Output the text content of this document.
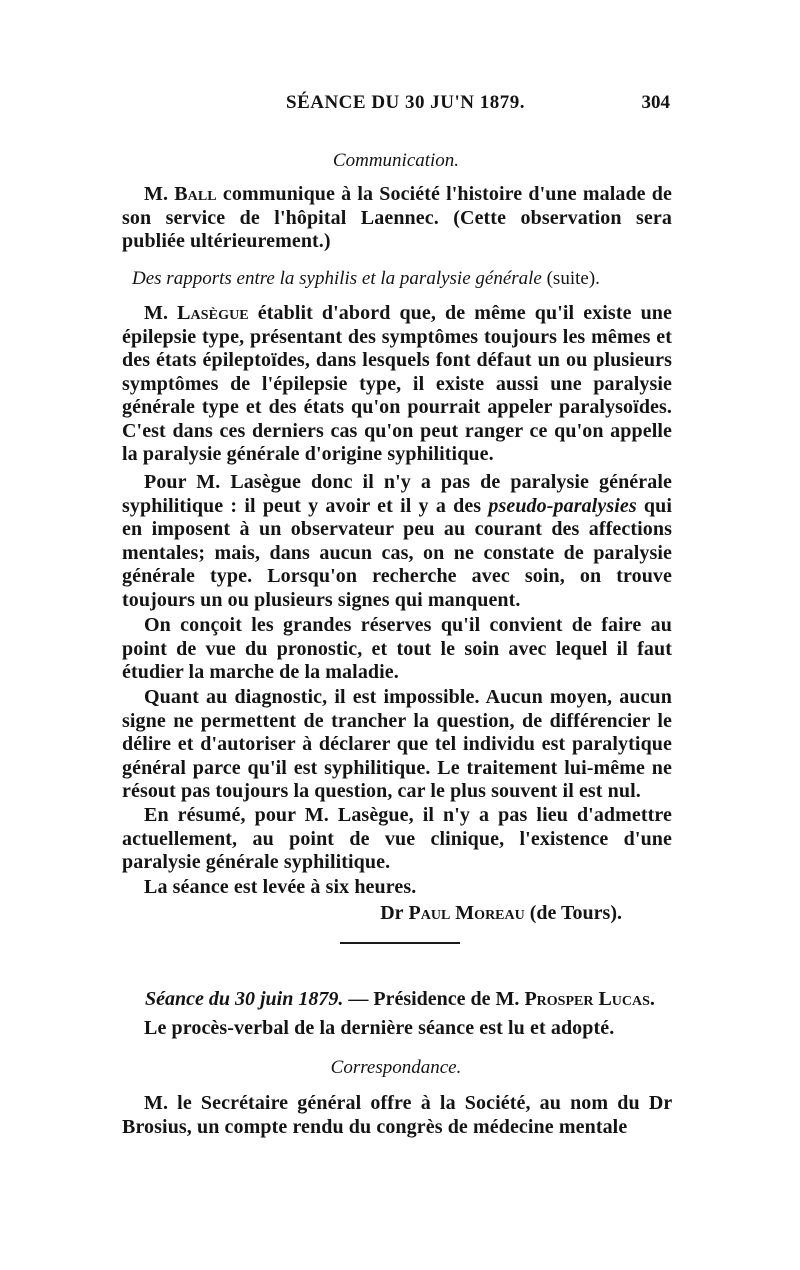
SÉANCE DU 30 JU'N 1879.	304
Communication.
M. Ball communique à la Société l'histoire d'une malade de son service de l'hôpital Laennec. (Cette observation sera publiée ultérieurement.)
Des rapports entre la syphilis et la paralysie générale (suite).
M. Lasègue établit d'abord que, de même qu'il existe une épilepsie type, présentant des symptômes toujours les mêmes et des états épileptoïdes, dans lesquels font défaut un ou plusieurs symptômes de l'épilepsie type, il existe aussi une paralysie générale type et des états qu'on pourrait appeler paralysoïdes. C'est dans ces derniers cas qu'on peut ranger ce qu'on appelle la paralysie générale d'origine syphilitique.
Pour M. Lasègue donc il n'y a pas de paralysie générale syphilitique : il peut y avoir et il y a des pseudo-paralysies qui en imposent à un observateur peu au courant des affections mentales; mais, dans aucun cas, on ne constate de paralysie générale type. Lorsqu'on recherche avec soin, on trouve toujours un ou plusieurs signes qui manquent.
On conçoit les grandes réserves qu'il convient de faire au point de vue du pronostic, et tout le soin avec lequel il faut étudier la marche de la maladie.
Quant au diagnostic, il est impossible. Aucun moyen, aucun signe ne permettent de trancher la question, de différencier le délire et d'autoriser à déclarer que tel individu est paralytique général parce qu'il est syphilitique. Le traitement lui-même ne résout pas toujours la question, car le plus souvent il est nul.
En résumé, pour M. Lasègue, il n'y a pas lieu d'admettre actuellement, au point de vue clinique, l'existence d'une paralysie générale syphilitique.
La séance est levée à six heures.
Dr Paul Moreau (de Tours).
Séance du 30 juin 1879. — Présidence de M. Prosper Lucas.
Le procès-verbal de la dernière séance est lu et adopté.
Correspondance.
M. le Secrétaire général offre à la Société, au nom du Dr Brosius, un compte rendu du congrès de médecine mentale
